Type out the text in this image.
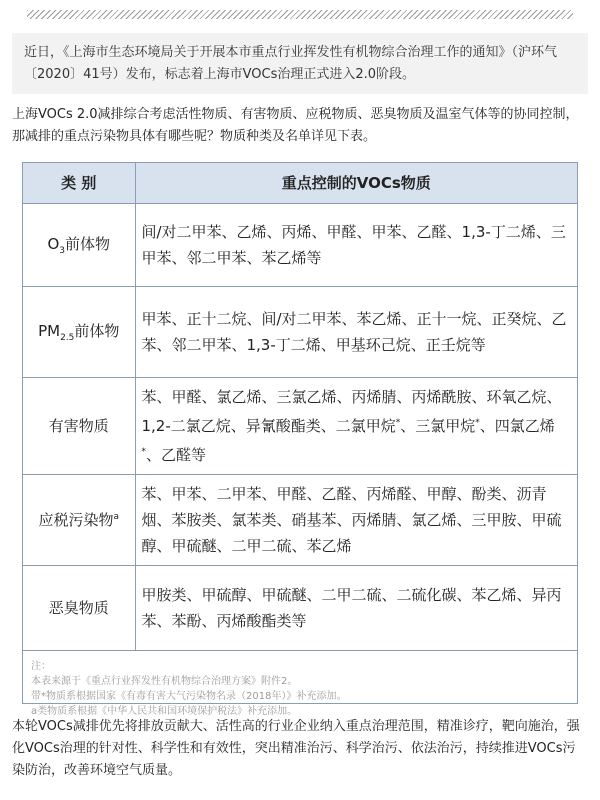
近日，《上海市生态环境局关于开展本市重点行业挥发性有机物综合治理工作的通知》（沪环气〔2020〕41号）发布，标志着上海市VOCs治理正式进入2.0阶段。

上海VOCs 2.0减排综合考虑活性物质、有害物质、应税物质、恶臭物质及温室气体等的协同控制，那减排的重点污染物具体有哪些呢？物质种类及名单详见下表。

类 别	重点控制的VOCs物质
$O_3$前体物	间/对二甲苯、乙烯、丙烯、甲醛、甲苯、乙醛、1,3-丁二烯、三甲苯、邻二甲苯、苯乙烯等
$PM_{2.5}$前体物	甲苯、正十二烷、间/对二甲苯、苯乙烯、正十一烷、正癸烷、乙苯、邻二甲苯、1,3-丁二烯、甲基环己烷、正壬烷等
有害物质	苯、甲醛、氯乙烯、三氯乙烯、丙烯腈、丙烯酰胺、环氧乙烷、1,2-二氯乙烷、异氰酸酯类、二氯甲烷*、三氯甲烷*、四氯乙烯*、乙醛等
应税污染物$^a$	苯、甲苯、二甲苯、甲醛、乙醛、丙烯醛、甲醇、酚类、沥青烟、苯胺类、氯苯类、硝基苯、丙烯腈、氯乙烯、三甲胺、甲硫醇、甲硫醚、二甲二硫、苯乙烯
恶臭物质	甲胺类、甲硫醇、甲硫醚、二甲二硫、二硫化碳、苯乙烯、异丙苯、苯酚、丙烯酸酯类等
注：
本表来源于《重点行业挥发性有机物综合治理方案》附件2。
带*物质系根据国家《有毒有害大气污染物名录（2018年）》补充添加。
a类物质系根据《中华人民共和国环境保护税法》补充添加。

本轮VOCs减排优先将排放贡献大、活性高的行业企业纳入重点治理范围，精准诊疗，靶向施治，强化VOCs治理的针对性、科学性和有效性，突出精准治污、科学治污、依法治污，持续推进VOCs污染防治，改善环境空气质量。
